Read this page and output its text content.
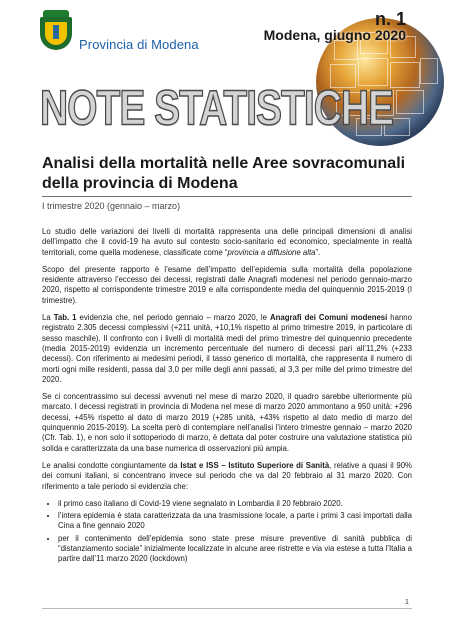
Provincia di Modena
n. 1
Modena, giugno 2020
NOTE STATISTICHE
Analisi della mortalità nelle Aree sovracomunali della provincia di Modena
I trimestre 2020 (gennaio – marzo)

Lo studio delle variazioni dei livelli di mortalità rappresenta una delle principali dimensioni di analisi dell’impatto che il covid-19 ha avuto sul contesto socio-sanitario ed economico, specialmente in realtà territoriali, come quella modenese, classificate come “provincia a diffusione alta”.

Scopo del presente rapporto è l’esame dell’impatto dell’epidemia sulla mortalità della popolazione residente attraverso l’eccesso dei decessi, registrati dalle Anagrafi modenesi nel periodo gennaio-marzo 2020, rispetto al corrispondente trimestre 2019 e alla corrispondente media del quinquennio 2015-2019 (I trimestre).

La Tab. 1 evidenzia che, nel periodo gennaio – marzo 2020, le Anagrafi dei Comuni modenesi hanno registrato 2.305 decessi complessivi (+211 unità, +10,1% rispetto al primo trimestre 2019, in particolare di sesso maschile). Il confronto con i livelli di mortalità medi del primo trimestre del quinquennio precedente (media 2015-2019) evidenzia un incremento percentuale del numero di decessi pari all’11,2% (+233 decessi). Con riferimento ai medesimi periodi, il tasso generico di mortalità, che rappresenta il numero di morti ogni mille residenti, passa dal 3,0 per mille degli anni passati, al 3,3 per mille del primo trimestre del 2020.

Se ci concentrassimo sui decessi avvenuti nel mese di marzo 2020, il quadro sarebbe ulteriormente più marcato. I decessi registrati in provincia di Modena nel mese di marzo 2020 ammontano a 950 unità: +296 decessi, +45% rispetto al dato di marzo 2019 (+285 unità, +43% rispetto al dato medio di marzo del quinquennio 2015-2019). La scelta però di contemplare nell’analisi l’intero trimestre gennaio – marzo 2020 (Cfr. Tab. 1), e non solo il sottoperiodo di marzo, è dettata dal poter costruire una valutazione statistica più solida e caratterizzata da una base numerica di osservazioni più ampia.

Le analisi condotte congiuntamente da Istat e ISS – Istituto Superiore di Sanità, relative a quasi il 90% dei comuni italiani, si concentrano invece sul periodo che va dal 20 febbraio al 31 marzo 2020. Con riferimento a tale periodo si evidenzia che:

• il primo caso italiano di Covid-19 viene segnalato in Lombardia il 20 febbraio 2020.
• l’intera epidemia è stata caratterizzata da una trasmissione locale, a parte i primi 3 casi importati dalla Cina a fine gennaio 2020
• per il contenimento dell’epidemia sono state prese misure preventive di sanità pubblica di “distanziamento sociale” inizialmente localizzate in alcune aree ristrette e via via estese a tutta l’Italia a partire dall’11 marzo 2020 (lockdown)
1
